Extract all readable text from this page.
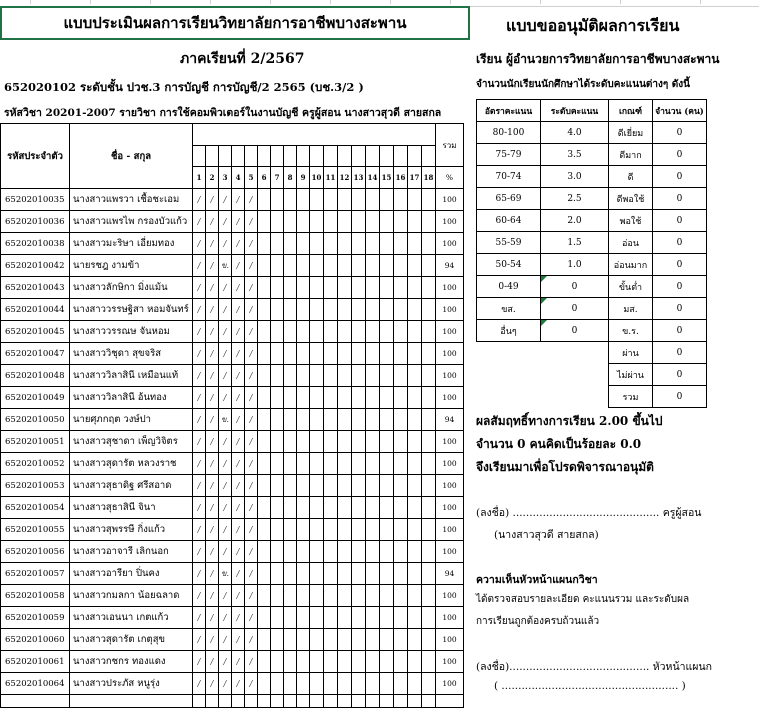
แบบประเมินผลการเรียนวิทยาลัยการอาชีพบางสะพาน	แบบขออนุมัติผลการเรียน
ภาคเรียนที่ 2/2567
652020102 ระดับชั้น ปวช.3 การบัญชี การบัญชี/2 2565 (บช.3/2 )
รหัสวิชา 20201-2007 รายวิชา การใช้คอมพิวเตอร์ในงานบัญชี ครูผู้สอน นางสาวสุวดี สายสกล
เรียน ผู้อำนวยการวิทยาลัยการอาชีพบางสะพาน
จำนวนนักเรียนนักศึกษาได้ระดับคะแนนต่างๆ ดังนี้
รหัสประจำตัว	ชื่อ - สกุล																			รวม

		1	2	3	4	5	6	7	8	9	10	11	12	13	14	15	16	17	18	%
65202010035	นางสาวแพรวา เชื้อชะเอม	/	/	/	/	/														100
65202010036	นางสาวแพรไพ กรองบัวแก้ว	/	/	/	/	/														100
65202010038	นางสาวมะริษา เอี่ยมทอง	/	/	/	/	/														100
65202010042	นายรชฎ งามข้า	/	/	ข.	/	/														94
65202010043	นางสาวลักษิกา มิ่งแม้น	/	/	/	/	/														100
65202010044	นางสาววรรษฐิสา หอมจันทร์	/	/	/	/	/														100
65202010045	นางสาววรรณษ จันหอม	/	/	/	/	/														100
65202010047	นางสาววิชุดา สุขจริส	/	/	/	/	/														100
65202010048	นางสาววิลาสินี เหมือนแท้	/	/	/	/	/														100
65202010049	นางสาววิลาสินี อ้นทอง	/	/	/	/	/														100
65202010050	นายศุภกฤต วงษ์ปา	/	/	ข.	/	/														94
65202010051	นางสาวสุชาดา เพ็ญวิจิตร	/	/	/	/	/														100
65202010052	นางสาวสุดารัต หลวงราช	/	/	/	/	/														100
65202010053	นางสาวสุธาดิฐ ศรีสอาด	/	/	/	/	/														100
65202010054	นางสาวสุธาสินี จินา	/	/	/	/	/														100
65202010055	นางสาวสุพรรษี กิ่งแก้ว	/	/	/	/	/														100
65202010056	นางสาวอาจารี เลิกนอก	/	/	/	/	/														100
65202010057	นางสาวอารียา ปิ่นคง	/	/	ข.	/	/														94
65202010058	นางสาวกมลกา น้อยฉลาด	/	/	/	/	/														100
65202010059	นางสาวเอนนา เกตแก้ว	/	/	/	/	/														100
65202010060	นางสาวสุดารัต เกตุสุข	/	/	/	/	/														100
65202010061	นางสาวกชกร ทองแดง	/	/	/	/	/														100
65202010064	นางสาวประภัส หนูรุ่ง	/	/	/	/	/														100

อัตราคะแนน	ระดับคะแนน	เกณฑ์	จำนวน (คน)
80-100	4.0	ดีเยี่ยม	0
75-79	3.5	ดีมาก	0
70-74	3.0	ดี	0
65-69	2.5	ดีพอใช้	0
60-64	2.0	พอใช้	0
55-59	1.5	อ่อน	0
50-54	1.0	อ่อนมาก	0
0-49	0	ขั้นต่ำ	0
ขส.	0	มส.	0
อื่นๆ	0	ข.ร.	0
		ผ่าน	0
		ไม่ผ่าน	0
		รวม	0
ผลสัมฤทธิ์ทางการเรียน 2.00 ขึ้นไป
จำนวน 0 คนคิดเป็นร้อยละ 0.0
จึงเรียนมาเพื่อโปรดพิจารณาอนุมัติ
(ลงชื่อ) ............................................ ครูผู้สอน
(นางสาวสุวดี สายสกล)
ความเห็นหัวหน้าแผนกวิชา
ได้ตรวจสอบรายละเอียด คะแนนรวม และระดับผล
การเรียนถูกต้องครบถ้วนแล้ว
(ลงชื่อ).......................................... หัวหน้าแผนก
( ..................................................... )
